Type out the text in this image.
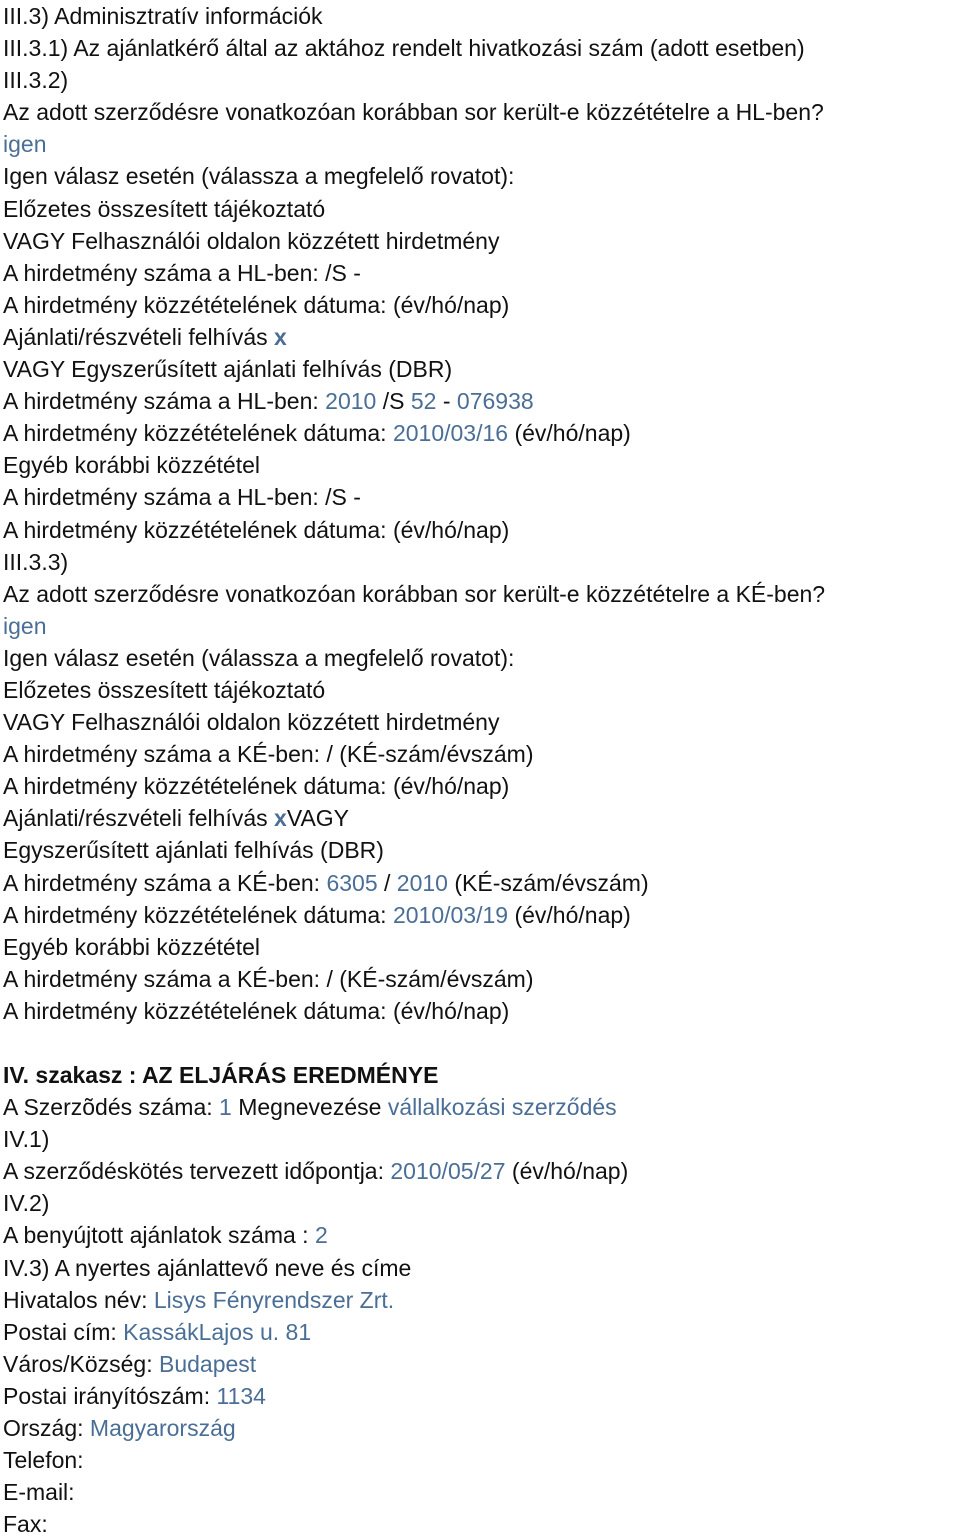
III.3) Adminisztratív információk
III.3.1) Az ajánlatkérő által az aktához rendelt hivatkozási szám (adott esetben)
III.3.2)
Az adott szerződésre vonatkozóan korábban sor került-e közzétételre a HL-ben?
igen
Igen válasz esetén (válassza a megfelelő rovatot):
Előzetes összesített tájékoztató
VAGY Felhasználói oldalon közzétett hirdetmény
A hirdetmény száma a HL-ben: /S -
A hirdetmény közzétételének dátuma: (év/hó/nap)
Ajánlati/részvételi felhívás x
VAGY Egyszerűsített ajánlati felhívás (DBR)
A hirdetmény száma a HL-ben: 2010 /S 52 - 076938
A hirdetmény közzétételének dátuma: 2010/03/16 (év/hó/nap)
Egyéb korábbi közzététel
A hirdetmény száma a HL-ben: /S -
A hirdetmény közzétételének dátuma: (év/hó/nap)
III.3.3)
Az adott szerződésre vonatkozóan korábban sor került-e közzétételre a KÉ-ben?
igen
Igen válasz esetén (válassza a megfelelő rovatot):
Előzetes összesített tájékoztató
VAGY Felhasználói oldalon közzétett hirdetmény
A hirdetmény száma a KÉ-ben: / (KÉ-szám/évszám)
A hirdetmény közzétételének dátuma: (év/hó/nap)
Ajánlati/részvételi felhívás xVAGY
Egyszerűsített ajánlati felhívás (DBR)
A hirdetmény száma a KÉ-ben: 6305 / 2010 (KÉ-szám/évszám)
A hirdetmény közzétételének dátuma: 2010/03/19 (év/hó/nap)
Egyéb korábbi közzététel
A hirdetmény száma a KÉ-ben: / (KÉ-szám/évszám)
A hirdetmény közzétételének dátuma: (év/hó/nap)
IV. szakasz : AZ ELJÁRÁS EREDMÉNYE
A Szerzõdés száma: 1 Megnevezése vállalkozási szerződés
IV.1)
A szerződéskötés tervezett időpontja: 2010/05/27 (év/hó/nap)
IV.2)
A benyújtott ajánlatok száma : 2
IV.3) A nyertes ajánlattevő neve és címe
Hivatalos név: Lisys Fényrendszer Zrt.
Postai cím: KassákLajos u. 81
Város/Község: Budapest
Postai irányítószám: 1134
Ország: Magyarország
Telefon:
E-mail:
Fax:
